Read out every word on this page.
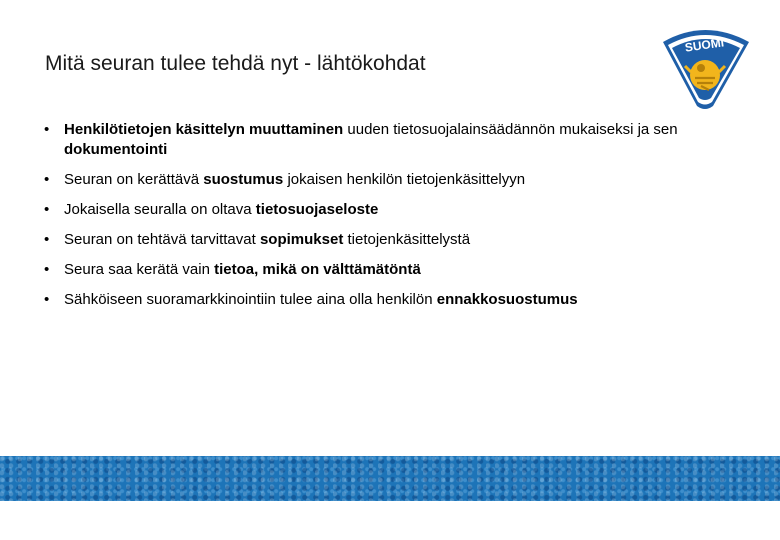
Mitä seuran tulee tehdä nyt - lähtökohdat
SUOMI
• Henkilötietojen käsittelyn muuttaminen uuden tietosuojalainsäädännön mukaiseksi ja sen dokumentointi
• Seuran on kerättävä suostumus jokaisen henkilön tietojenkäsittelyyn
• Jokaisella seuralla on oltava tietosuojaseloste
• Seuran on tehtävä tarvittavat sopimukset tietojenkäsittelystä
• Seura saa kerätä vain tietoa, mikä on välttämätöntä
• Sähköiseen suoramarkkinointiin tulee aina olla henkilön ennakkosuostumus
